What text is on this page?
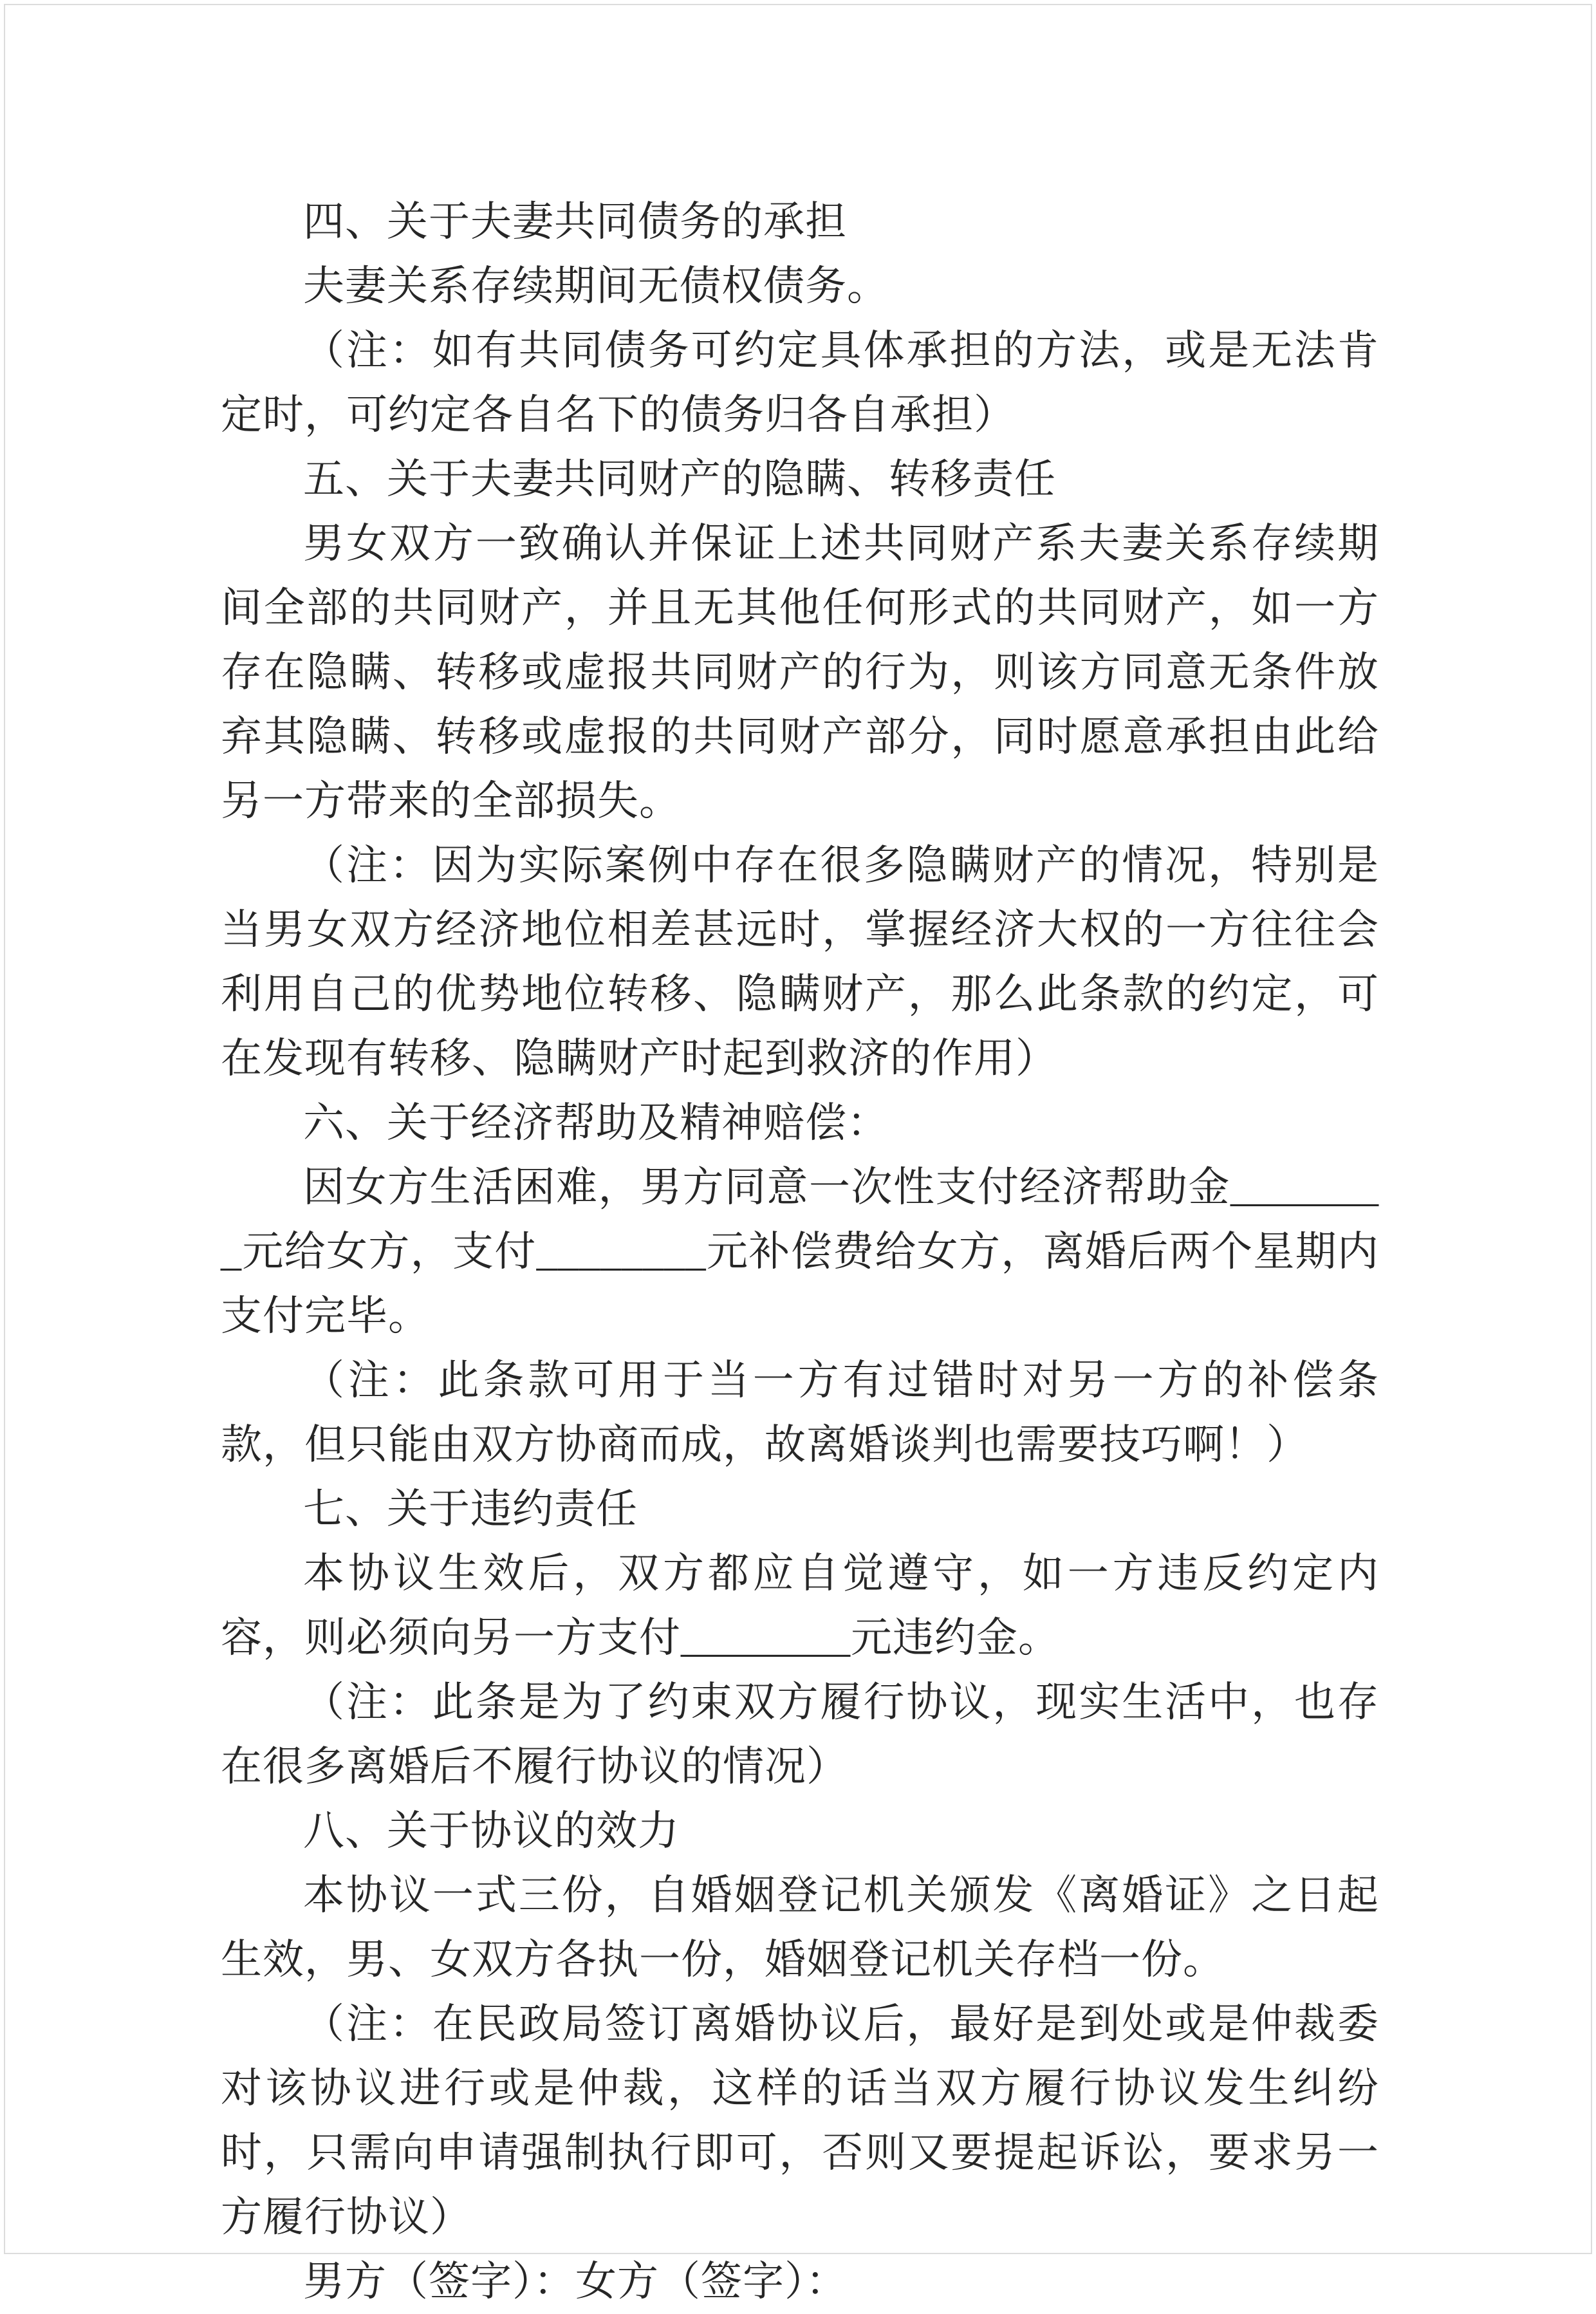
四、关于夫妻共同债务的承担

夫妻关系存续期间无债权债务。

（注：如有共同债务可约定具体承担的方法，或是无法肯定时，可约定各自名下的债务归各自承担）

五、关于夫妻共同财产的隐瞒、转移责任

男女双方一致确认并保证上述共同财产系夫妻关系存续期间全部的共同财产，并且无其他任何形式的共同财产，如一方存在隐瞒、转移或虚报共同财产的行为，则该方同意无条件放弃其隐瞒、转移或虚报的共同财产部分，同时愿意承担由此给另一方带来的全部损失。

（注：因为实际案例中存在很多隐瞒财产的情况，特别是当男女双方经济地位相差甚远时，掌握经济大权的一方往往会利用自己的优势地位转移、隐瞒财产，那么此条款的约定，可在发现有转移、隐瞒财产时起到救济的作用）

六、关于经济帮助及精神赔偿：

因女方生活困难，男方同意一次性支付经济帮助金________元给女方，支付________元补偿费给女方，离婚后两个星期内支付完毕。

（注：此条款可用于当一方有过错时对另一方的补偿条款，但只能由双方协商而成，故离婚谈判也需要技巧啊！）

七、关于违约责任

本协议生效后，双方都应自觉遵守，如一方违反约定内容，则必须向另一方支付________元违约金。

（注：此条是为了约束双方履行协议，现实生活中，也存在很多离婚后不履行协议的情况）

八、关于协议的效力

本协议一式三份，自婚姻登记机关颁发《离婚证》之日起生效，男、女双方各执一份，婚姻登记机关存档一份。

（注：在民政局签订离婚协议后，最好是到处或是仲裁委对该协议进行或是仲裁，这样的话当双方履行协议发生纠纷时，只需向申请强制执行即可，否则又要提起诉讼，要求另一方履行协议）

男方（签字）：女方（签字）：
